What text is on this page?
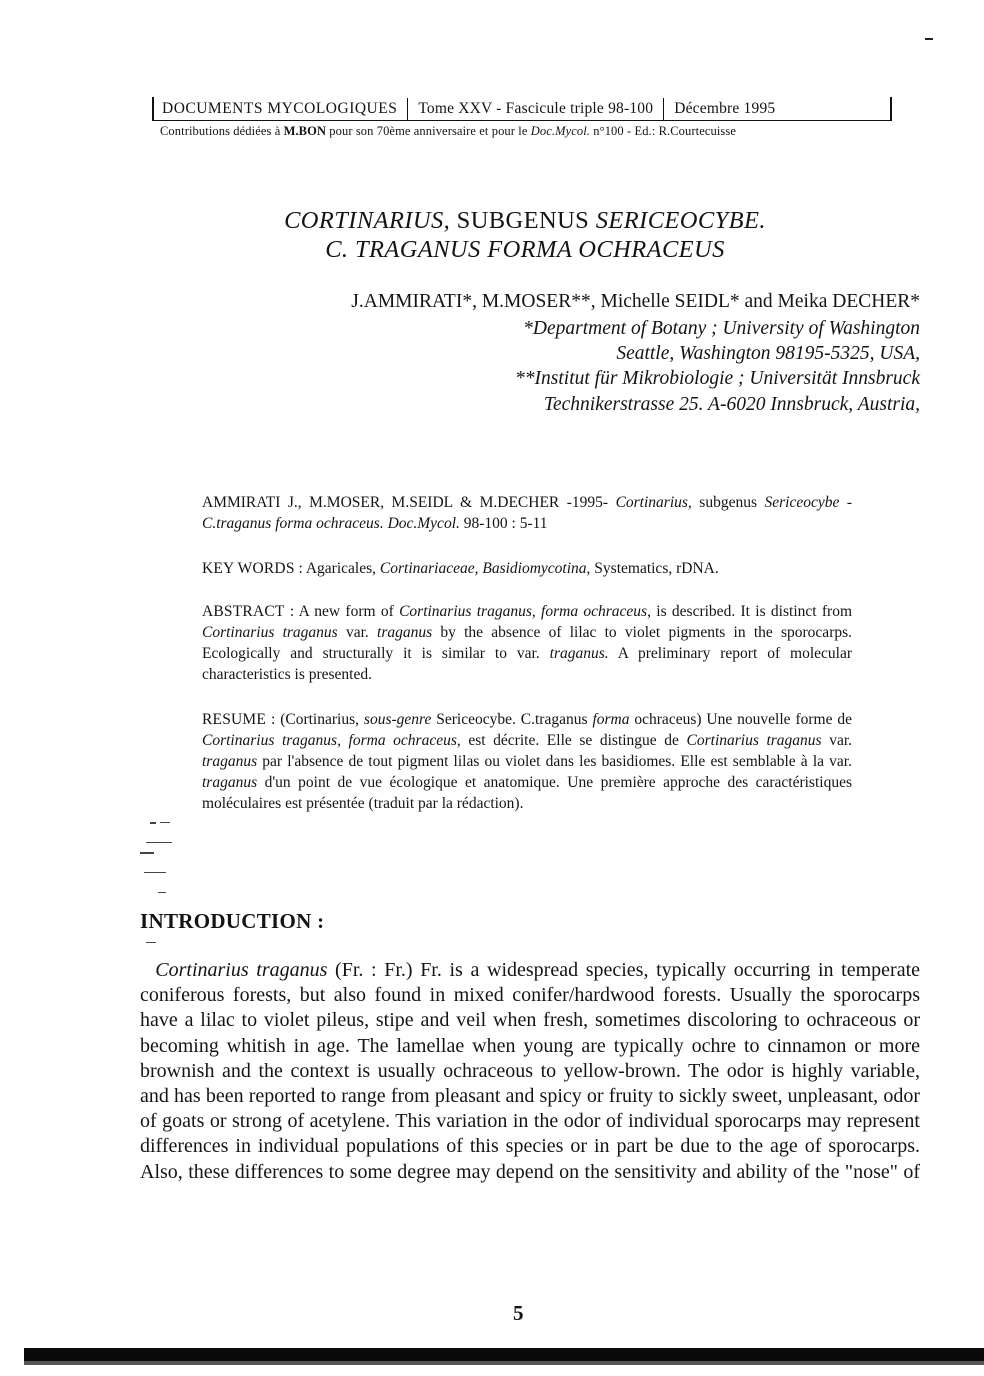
DOCUMENTS MYCOLOGIQUES	Tome XXV - Fascicule triple 98-100	Décembre 1995
Contributions dédiées à M.BON pour son 70ème anniversaire et pour le Doc.Mycol. n°100 - Ed.: R.Courtecuisse
CORTINARIUS, SUBGENUS SERICEOCYBE.
C. TRAGANUS FORMA OCHRACEUS
J.AMMIRATI*, M.MOSER**, Michelle SEIDL* and Meika DECHER*
*Department of Botany ; University of Washington
Seattle, Washington 98195-5325, USA,
**Institut für Mikrobiologie ; Universität Innsbruck
Technikerstrasse 25. A-6020 Innsbruck, Austria,
AMMIRATI J., M.MOSER, M.SEIDL & M.DECHER -1995- Cortinarius, subgenus Sericeocybe - C.traganus forma ochraceus. Doc.Mycol. 98-100 : 5-11
KEY WORDS : Agaricales, Cortinariaceae, Basidiomycotina, Systematics, rDNA.
ABSTRACT : A new form of Cortinarius traganus, forma ochraceus, is described. It is distinct from Cortinarius traganus var. traganus by the absence of lilac to violet pigments in the sporocarps. Ecologically and structurally it is similar to var. traganus. A preliminary report of molecular characteristics is presented.
RESUME : (Cortinarius, sous-genre Sericeocybe. C.traganus forma ochraceus) Une nouvelle forme de Cortinarius traganus, forma ochraceus, est décrite. Elle se distingue de Cortinarius traganus var. traganus par l'absence de tout pigment lilas ou violet dans les basidiomes. Elle est semblable à la var. traganus d'un point de vue écologique et anatomique. Une première approche des caractéristiques moléculaires est présentée (traduit par la rédaction).
INTRODUCTION :
Cortinarius traganus (Fr. : Fr.) Fr. is a widespread species, typically occurring in temperate coniferous forests, but also found in mixed conifer/hardwood forests. Usually the sporocarps have a lilac to violet pileus, stipe and veil when fresh, sometimes discoloring to ochraceous or becoming whitish in age. The lamellae when young are typically ochre to cinnamon or more brownish and the context is usually ochraceous to yellow-brown. The odor is highly variable, and has been reported to range from pleasant and spicy or fruity to sickly sweet, unpleasant, odor of goats or strong of acetylene. This variation in the odor of individual sporocarps may represent differences in individual populations of this species or in part be due to the age of sporocarps. Also, these differences to some degree may depend on the sensitivity and ability of the "nose" of
5
